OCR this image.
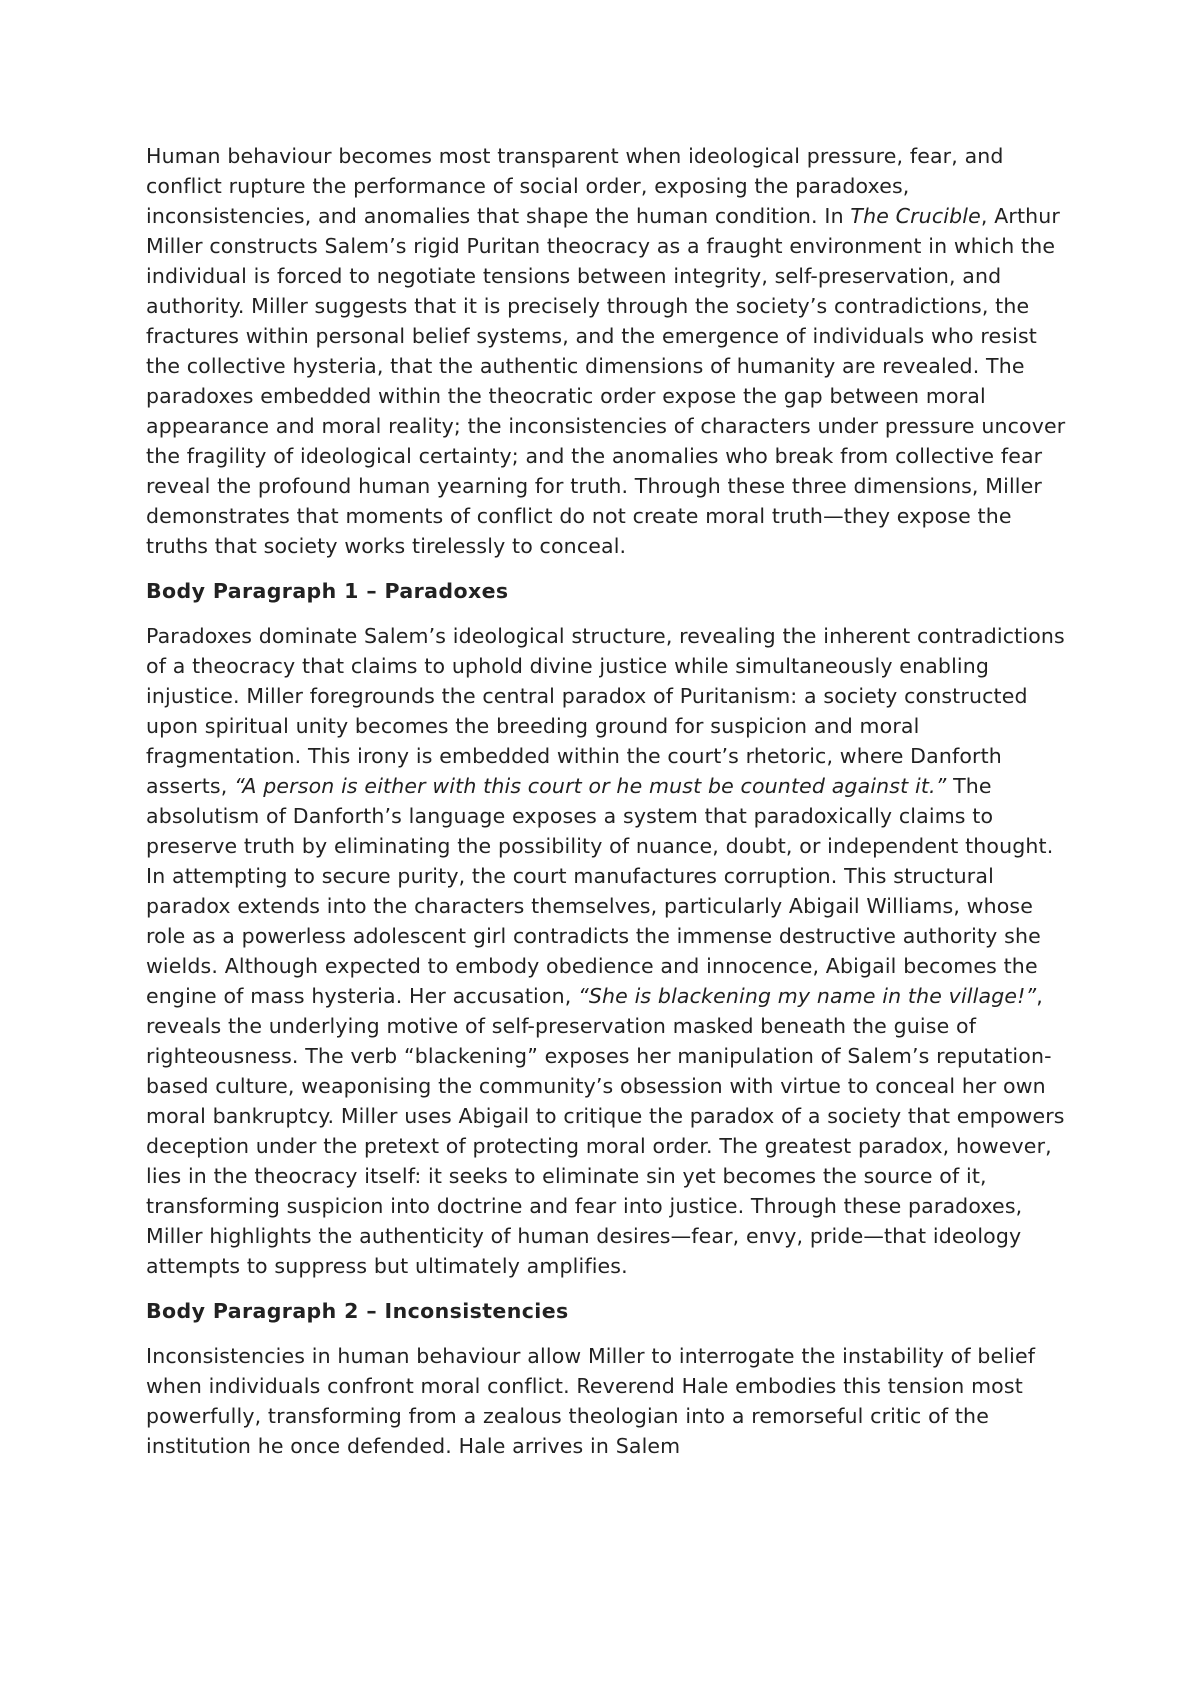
Human behaviour becomes most transparent when ideological pressure, fear, and conflict rupture the performance of social order, exposing the paradoxes, inconsistencies, and anomalies that shape the human condition. In The Crucible, Arthur Miller constructs Salem’s rigid Puritan theocracy as a fraught environment in which the individual is forced to negotiate tensions between integrity, self-preservation, and authority. Miller suggests that it is precisely through the society’s contradictions, the fractures within personal belief systems, and the emergence of individuals who resist the collective hysteria, that the authentic dimensions of humanity are revealed. The paradoxes embedded within the theocratic order expose the gap between moral appearance and moral reality; the inconsistencies of characters under pressure uncover the fragility of ideological certainty; and the anomalies who break from collective fear reveal the profound human yearning for truth. Through these three dimensions, Miller demonstrates that moments of conflict do not create moral truth—they expose the truths that society works tirelessly to conceal.

Body Paragraph 1 – Paradoxes

Paradoxes dominate Salem’s ideological structure, revealing the inherent contradictions of a theocracy that claims to uphold divine justice while simultaneously enabling injustice. Miller foregrounds the central paradox of Puritanism: a society constructed upon spiritual unity becomes the breeding ground for suspicion and moral fragmentation. This irony is embedded within the court’s rhetoric, where Danforth asserts, “A person is either with this court or he must be counted against it.” The absolutism of Danforth’s language exposes a system that paradoxically claims to preserve truth by eliminating the possibility of nuance, doubt, or independent thought. In attempting to secure purity, the court manufactures corruption. This structural paradox extends into the characters themselves, particularly Abigail Williams, whose role as a powerless adolescent girl contradicts the immense destructive authority she wields. Although expected to embody obedience and innocence, Abigail becomes the engine of mass hysteria. Her accusation, “She is blackening my name in the village!”, reveals the underlying motive of self-preservation masked beneath the guise of righteousness. The verb “blackening” exposes her manipulation of Salem’s reputation-based culture, weaponising the community’s obsession with virtue to conceal her own moral bankruptcy. Miller uses Abigail to critique the paradox of a society that empowers deception under the pretext of protecting moral order. The greatest paradox, however, lies in the theocracy itself: it seeks to eliminate sin yet becomes the source of it, transforming suspicion into doctrine and fear into justice. Through these paradoxes, Miller highlights the authenticity of human desires—fear, envy, pride—that ideology attempts to suppress but ultimately amplifies.

Body Paragraph 2 – Inconsistencies

Inconsistencies in human behaviour allow Miller to interrogate the instability of belief when individuals confront moral conflict. Reverend Hale embodies this tension most powerfully, transforming from a zealous theologian into a remorseful critic of the institution he once defended. Hale arrives in Salem
